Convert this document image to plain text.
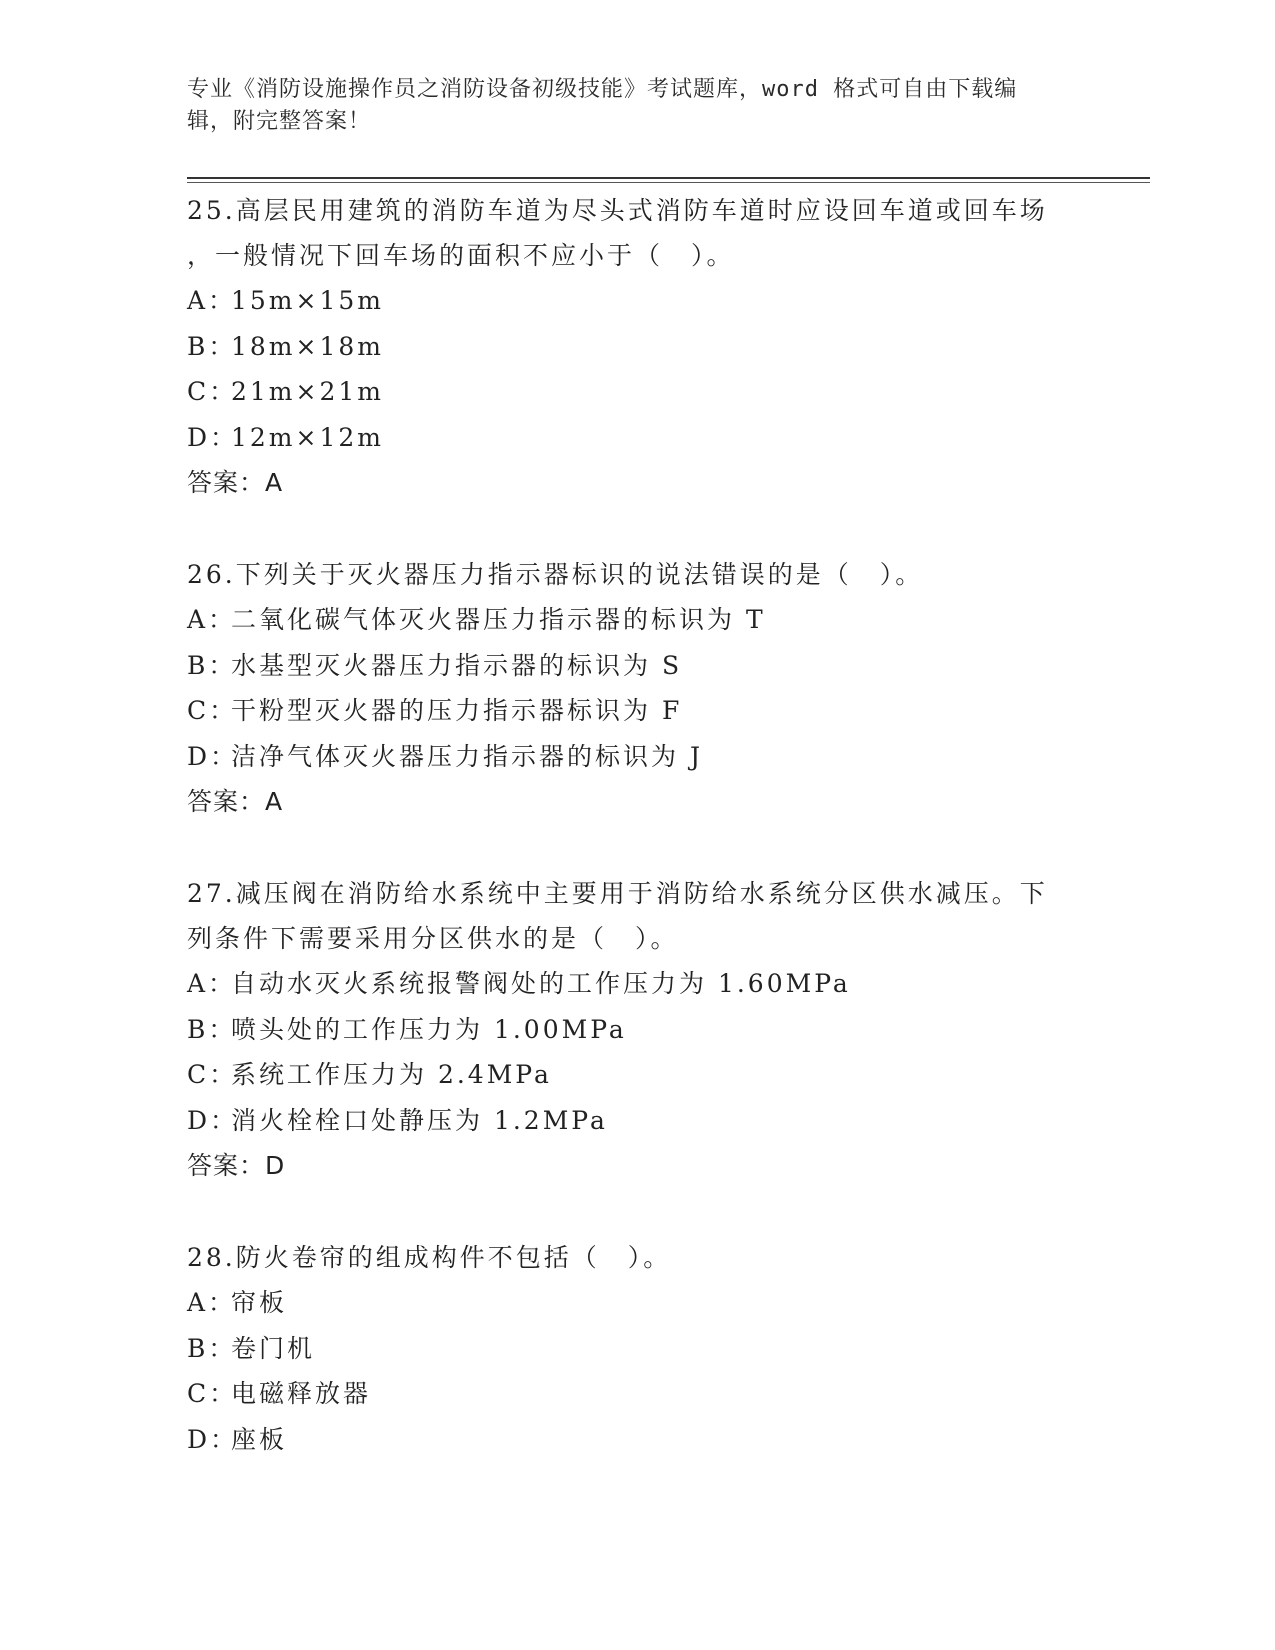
专业《消防设施操作员之消防设备初级技能》考试题库，word 格式可自由下载编
辑，附完整答案！
25.高层民用建筑的消防车道为尽头式消防车道时应设回车道或回车场
，一般情况下回车场的面积不应小于（　）。
A：15m×15m
B：18m×18m
C：21m×21m
D：12m×12m
答案：A
26.下列关于灭火器压力指示器标识的说法错误的是（　）。
A：二氧化碳气体灭火器压力指示器的标识为 T
B：水基型灭火器压力指示器的标识为 S
C：干粉型灭火器的压力指示器标识为 F
D：洁净气体灭火器压力指示器的标识为 J
答案：A
27.减压阀在消防给水系统中主要用于消防给水系统分区供水减压。下
列条件下需要采用分区供水的是（　）。
A：自动水灭火系统报警阀处的工作压力为 1.60MPa
B：喷头处的工作压力为 1.00MPa
C：系统工作压力为 2.4MPa
D：消火栓栓口处静压为 1.2MPa
答案：D
28.防火卷帘的组成构件不包括（　）。
A：帘板
B：卷门机
C：电磁释放器
D：座板
